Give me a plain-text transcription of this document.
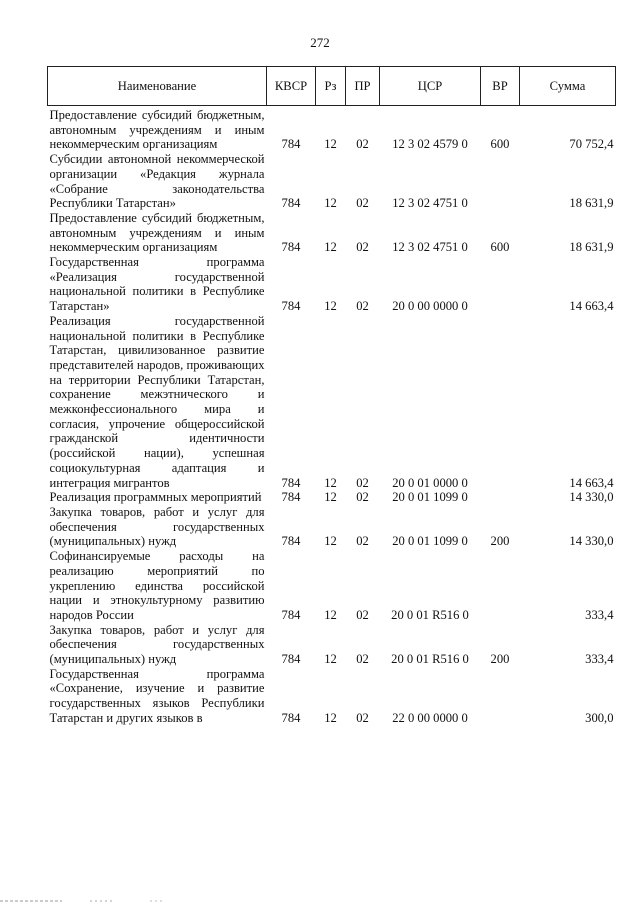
272
Наименование	КВСР	Рз	ПР	ЦСР	ВР	Сумма
Предоставление субсидий бюджетным, автономным учреждениям и иным некоммерческим организациям	784	12	02	12 3 02 4579 0	600	70 752,4
Субсидии автономной некоммерческой организации «Редакция журнала «Собрание законодательства Республики Татарстан»	784	12	02	12 3 02 4751 0		18 631,9
Предоставление субсидий бюджетным, автономным учреждениям и иным некоммерческим организациям	784	12	02	12 3 02 4751 0	600	18 631,9
Государственная программа «Реализация государственной национальной политики в Республике Татарстан»	784	12	02	20 0 00 0000 0		14 663,4
Реализация государственной национальной политики в Республике Татарстан, цивилизованное развитие представителей народов, проживающих на территории Республики Татарстан, сохранение межэтнического и межконфессионального мира и согласия, упрочение общероссийской гражданской идентичности (российской нации), успешная социокультурная адаптация и интеграция мигрантов	784	12	02	20 0 01 0000 0		14 663,4
Реализация программных мероприятий	784	12	02	20 0 01 1099 0		14 330,0
Закупка товаров, работ и услуг для обеспечения государственных (муниципальных) нужд	784	12	02	20 0 01 1099 0	200	14 330,0
Софинансируемые расходы на реализацию мероприятий по укреплению единства российской нации и этнокультурному развитию народов России	784	12	02	20 0 01 R516 0		333,4
Закупка товаров, работ и услуг для обеспечения государственных (муниципальных) нужд	784	12	02	20 0 01 R516 0	200	333,4
Государственная программа «Сохранение, изучение и развитие государственных языков Республики Татарстан и других языков в	784	12	02	22 0 00 0000 0		300,0
